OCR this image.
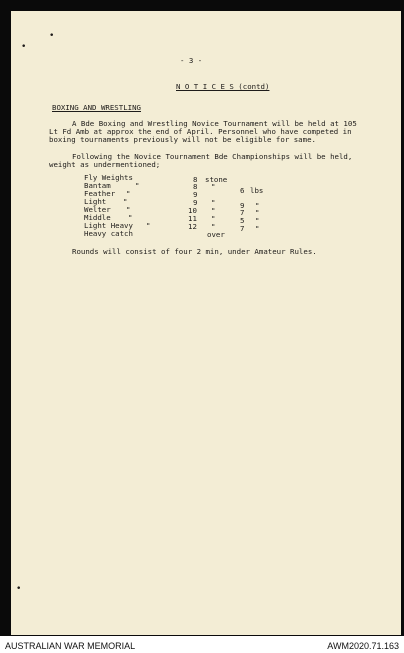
•
•
•
- 3 -
N O T I C E S (contd)
BOXING AND WRESTLING
A Bde Boxing and Wrestling Novice Tournament will be held at 105
Lt Fd Amb at approx the end of April. Personnel who have competed in
boxing tournaments previously will not be eligible for same.
Following the Novice Tournament Bde Championships will be held,
weight as undermentioned;
Fly Weights	8 stone
Bantam	"	8 "	6 lbs
Feather "	9
Light "	9 "	9 "
Welter "	10 "	7 "
Middle "	11 "	5 "
Light Heavy "	12 "	7 "
Heavy catch	over
Rounds will consist of four 2 min, under Amateur Rules.
AUSTRALIAN WAR MEMORIAL	AWM2020.71.163
